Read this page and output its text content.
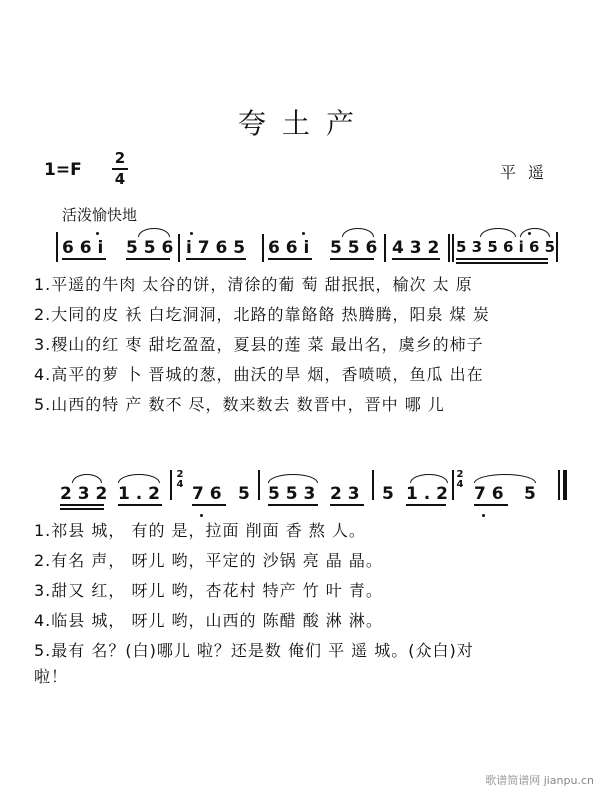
夸土产
1=F
2
4	平遥
活泼愉快地
6 6 i 5 5 6 i 7 6 5 6 6 i 5 5 6 4 3 2 5 3 5 6 i 6 5
1.平遥的牛肉 太谷的饼，清徐的葡 萄 甜抿抿，榆次 太 原
2.大同的皮 袄 白圪洞洞，北路的靠餎餎 热腾腾，阳泉 煤 炭
3.稷山的红 枣 甜圪盈盈，夏县的莲 菜 最出名，虞乡的柿子
4.高平的萝 卜 晋城的葱，曲沃的旱 烟，香喷喷，鱼瓜 出在
5.山西的特 产 数不 尽，数来数去 数晋中，晋中 哪 儿
2 3 2 1 . 2
2
4 7 6 5 5 5 3 2 3 5 1 . 2
2
4 7 6 5
1.祁县 城， 有的 是，拉面 削面 香 熬 人。
2.有名 声， 呀儿 哟，平定的 沙锅 亮 晶 晶。
3.甜又 红， 呀儿 哟，杏花村 特产 竹 叶 青。
4.临县 城， 呀儿 哟，山西的 陈醋 酸 淋 淋。
5.最有 名？(白)哪儿 啦？还是数 俺们 平 遥 城。(众白)对
啦！
歌谱简谱网 jianpu.cn
